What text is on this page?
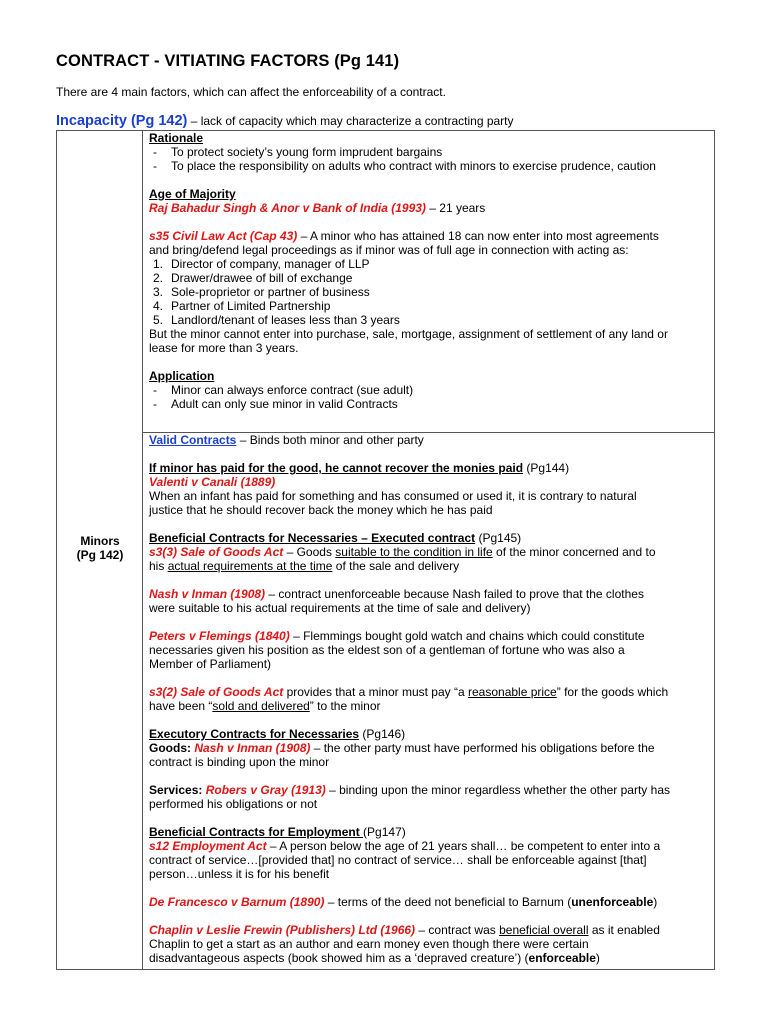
CONTRACT - VITIATING FACTORS (Pg 141)
There are 4 main factors, which can affect the enforceability of a contract.
Incapacity (Pg 142) – lack of capacity which may characterize a contracting party
Minors
(Pg 142)

Rationale

- To protect society’s young form imprudent bargains

- To place the responsibility on adults who contract with minors to exercise prudence, caution

Age of Majority

Raj Bahadur Singh & Anor v Bank of India (1993) – 21 years

s35 Civil Law Act (Cap 43) – A minor who has attained 18 can now enter into most agreements

and bring/defend legal proceedings as if minor was of full age in connection with acting as:

1. Director of company, manager of LLP

2. Drawer/drawee of bill of exchange

3. Sole-proprietor or partner of business

4. Partner of Limited Partnership

5. Landlord/tenant of leases less than 3 years

But the minor cannot enter into purchase, sale, mortgage, assignment of settlement of any land or

lease for more than 3 years.

Application

- Minor can always enforce contract (sue adult)

- Adult can only sue minor in valid Contracts

Valid Contracts – Binds both minor and other party

If minor has paid for the good, he cannot recover the monies paid (Pg144)

Valenti v Canali (1889)

When an infant has paid for something and has consumed or used it, it is contrary to natural

justice that he should recover back the money which he has paid

Beneficial Contracts for Necessaries – Executed contract (Pg145)

s3(3) Sale of Goods Act – Goods suitable to the condition in life of the minor concerned and to

his actual requirements at the time of the sale and delivery

Nash v Inman (1908) – contract unenforceable because Nash failed to prove that the clothes

were suitable to his actual requirements at the time of sale and delivery)

Peters v Flemings (1840) – Flemmings bought gold watch and chains which could constitute

necessaries given his position as the eldest son of a gentleman of fortune who was also a

Member of Parliament)

s3(2) Sale of Goods Act provides that a minor must pay “a reasonable price” for the goods which

have been “sold and delivered” to the minor

Executory Contracts for Necessaries (Pg146)

Goods: Nash v Inman (1908) – the other party must have performed his obligations before the

contract is binding upon the minor

Services: Robers v Gray (1913) – binding upon the minor regardless whether the other party has

performed his obligations or not

Beneficial Contracts for Employment (Pg147)

s12 Employment Act – A person below the age of 21 years shall… be competent to enter into a

contract of service…[provided that] no contract of service… shall be enforceable against [that]

person…unless it is for his benefit

De Francesco v Barnum (1890) – terms of the deed not beneficial to Barnum (unenforceable)

Chaplin v Leslie Frewin (Publishers) Ltd (1966) – contract was beneficial overall as it enabled

Chaplin to get a start as an author and earn money even though there were certain

disadvantageous aspects (book showed him as a ‘depraved creature’) (enforceable)
